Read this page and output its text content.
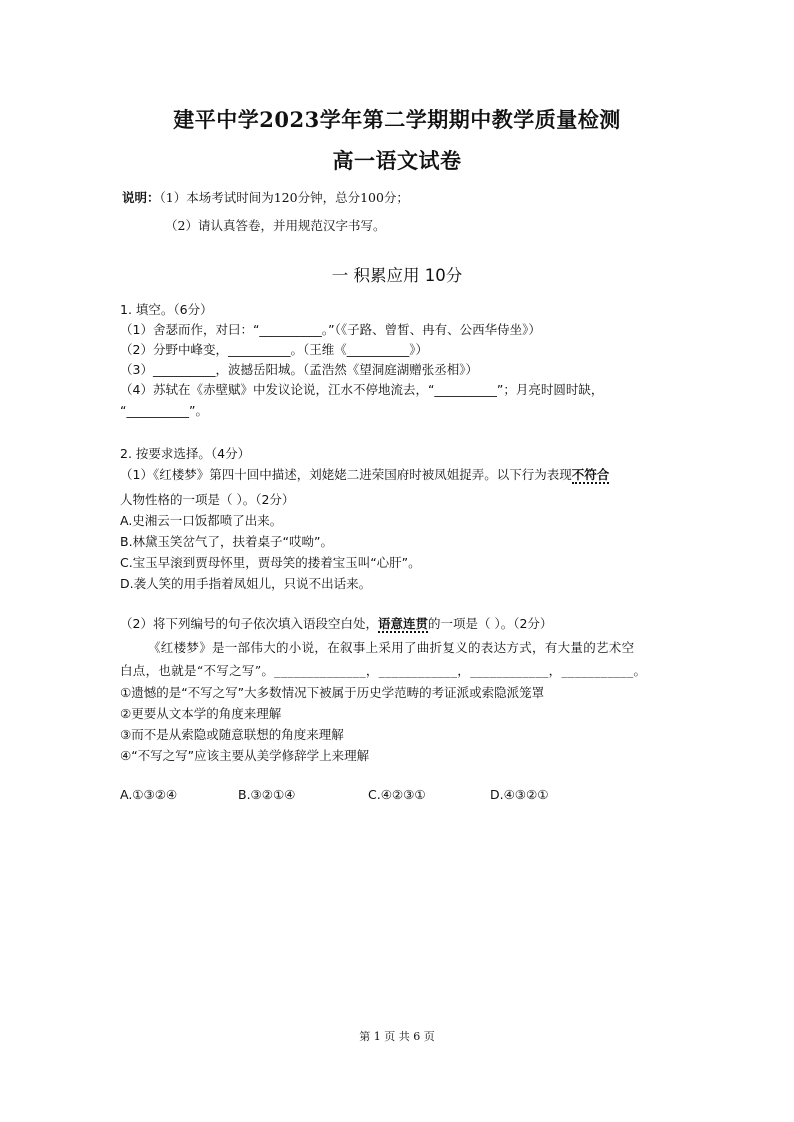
建平中学2023学年第二学期期中教学质量检测
高一语文试卷
说明：（1）本场考试时间为120分钟，总分100分；
（2）请认真答卷，并用规范汉字书写。
一 积累应用 10分
1. 填空。（6分）
（1）舍瑟而作，对曰：“__________。”（《子路、曾皙、冉有、公西华侍坐》）
（2）分野中峰变，__________。（王维《__________》）
（3）__________，波撼岳阳城。（孟浩然《望洞庭湖赠张丞相》）
（4）苏轼在《赤壁赋》中发议论说，江水不停地流去，“__________”；月亮时圆时缺，
“__________”。
2. 按要求选择。（4分）
（1）《红楼梦》第四十回中描述，刘姥姥二进荣国府时被凤姐捉弄。以下行为表现不符合
人物性格的一项是（ ）。（2分）
A.史湘云一口饭都喷了出来。
B.林黛玉笑岔气了，扶着桌子“哎呦”。
C.宝玉早滚到贾母怀里，贾母笑的搂着宝玉叫“心肝”。
D.袭人笑的用手指着凤姐儿，只说不出话来。
（2）将下列编号的句子依次填入语段空白处，语意连贯的一项是（ ）。（2分）
《红楼梦》是一部伟大的小说，在叙事上采用了曲折复义的表达方式，有大量的艺术空
白点，也就是“不写之写”。______________，____________，____________，___________。
①遗憾的是“不写之写”大多数情况下被属于历史学范畴的考证派或索隐派笼罩
②更要从文本学的角度来理解
③而不是从索隐或随意联想的角度来理解
④“不写之写”应该主要从美学修辞学上来理解
A.①③②④	B.③②①④	C.④②③①	D.④③②①
第 1 页 共 6 页
